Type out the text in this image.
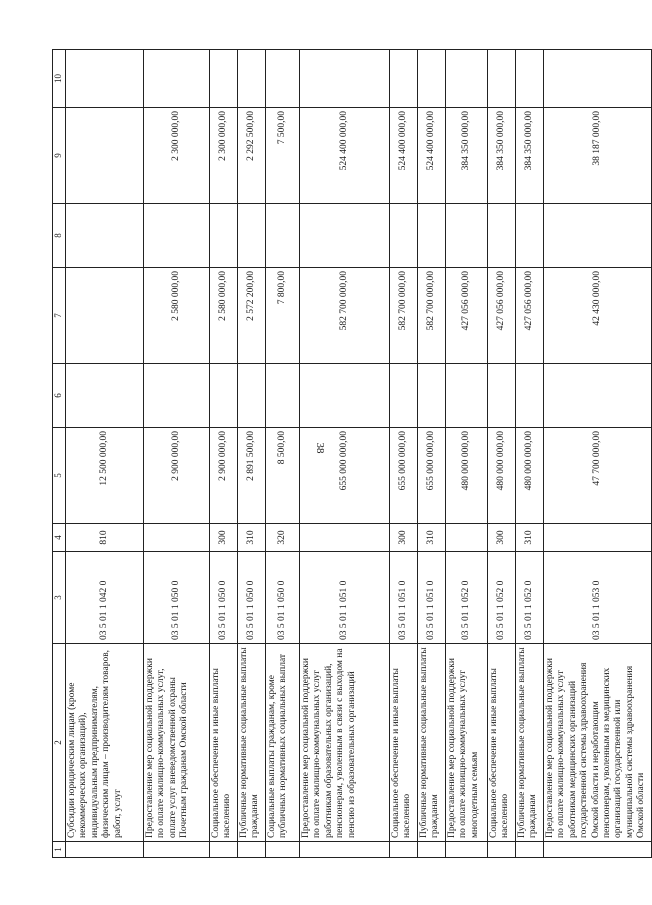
38
1	2	3	4	5	6	7	8	9	10
	Субсидии юридическим лицам (кроме некоммерческих организаций), индивидуальным предпринимателям, физическим лицам – производителям товаров, работ, услуг	03 5 01 1 042 0	810	12 500 000,00					
	Предоставление мер социальной поддержки по оплате жилищно-коммунальных услуг, оплате услуг вневедомственной охраны Почетным гражданам Омской области	03 5 01 1 050 0		2 900 000,00		2 580 000,00		2 300 000,00	
	Социальное обеспечение и иные выплаты населению	03 5 01 1 050 0	300	2 900 000,00		2 580 000,00		2 300 000,00	
	Публичные нормативные социальные выплаты гражданам	03 5 01 1 050 0	310	2 891 500,00		2 572 200,00		2 292 500,00	
	Социальные выплаты гражданам, кроме публичных нормативных социальных выплат	03 5 01 1 050 0	320	8 500,00		7 800,00		7 500,00	
	Предоставление мер социальной поддержки по оплате жилищно-коммунальных услуг работникам образовательных организаций, пенсионерам, уволенным в связи с выходом на пенсию из образовательных организаций	03 5 01 1 051 0		655 000 000,00		582 700 000,00		524 400 000,00	
	Социальное обеспечение и иные выплаты населению	03 5 01 1 051 0	300	655 000 000,00		582 700 000,00		524 400 000,00	
	Публичные нормативные социальные выплаты гражданам	03 5 01 1 051 0	310	655 000 000,00		582 700 000,00		524 400 000,00	
	Предоставление мер социальной поддержки по оплате жилищно-коммунальных услуг многодетным семьям	03 5 01 1 052 0		480 000 000,00		427 056 000,00		384 350 000,00	
	Социальное обеспечение и иные выплаты населению	03 5 01 1 052 0	300	480 000 000,00		427 056 000,00		384 350 000,00	
	Публичные нормативные социальные выплаты гражданам	03 5 01 1 052 0	310	480 000 000,00		427 056 000,00		384 350 000,00	
	Предоставление мер социальной поддержки по оплате жилищно-коммунальных услуг работникам медицинских организаций государственной системы здравоохранения Омской области и неработающим пенсионерам, уволенным из медицинских организаций государственной или муниципальной системы здравоохранения Омской области	03 5 01 1 053 0		47 700 000,00		42 430 000,00		38 187 000,00	
